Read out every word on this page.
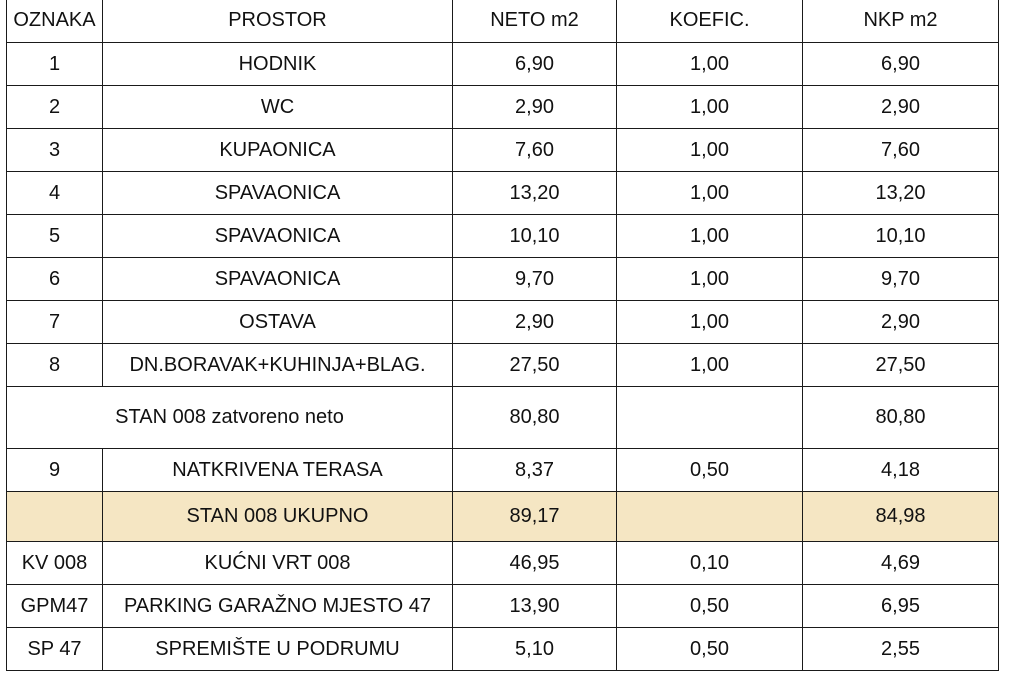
OZNAKA	PROSTOR	NETO m2	KOEFIC.	NKP m2
1	HODNIK	6,90	1,00	6,90
2	WC	2,90	1,00	2,90
3	KUPAONICA	7,60	1,00	7,60
4	SPAVAONICA	13,20	1,00	13,20
5	SPAVAONICA	10,10	1,00	10,10
6	SPAVAONICA	9,70	1,00	9,70
7	OSTAVA	2,90	1,00	2,90
8	DN.BORAVAK+KUHINJA+BLAG.	27,50	1,00	27,50
STAN 008 zatvoreno neto		80,80		80,80
9	NATKRIVENA TERASA	8,37	0,50	4,18
	STAN 008 UKUPNO	89,17		84,98
KV 008	KUĆNI VRT 008	46,95	0,10	4,69
GPM47	PARKING GARAŽNO MJESTO 47	13,90	0,50	6,95
SP 47	SPREMIŠTE U PODRUMU	5,10	0,50	2,55
